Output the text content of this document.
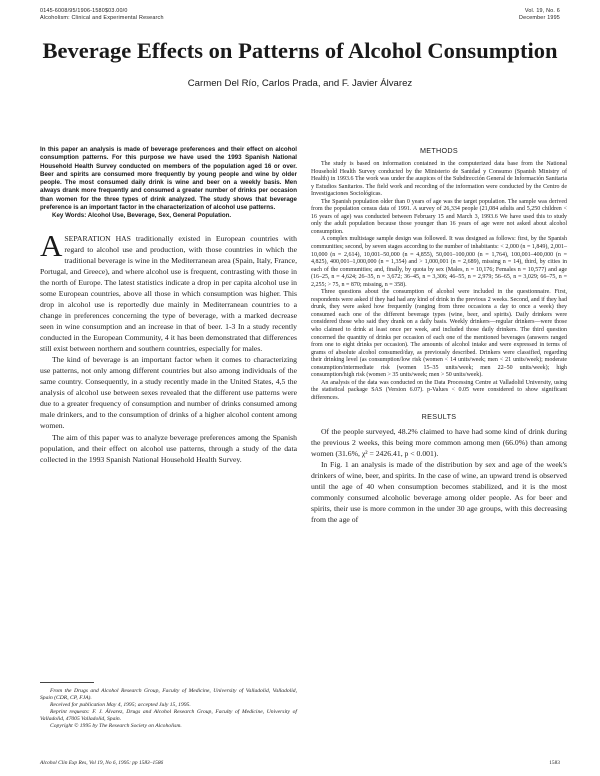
0145-6008/95/1906-1580$03.00/0
Alcoholism: Clinical and Experimental Research
Vol. 19, No. 6
December 1995
Beverage Effects on Patterns of Alcohol Consumption
Carmen Del Río, Carlos Prada, and F. Javier Álvarez

In this paper an analysis is made of beverage preferences and their effect on alcohol consumption patterns. For this purpose we have used the 1993 Spanish National Household Health Survey conducted on members of the population aged 16 or over. Beer and spirits are consumed more frequently by young people and wine by older people. The most consumed daily drink is wine and beer on a weekly basis. Men always drank more frequently and consumed a greater number of drinks per occasion than women for the three types of drink analyzed. The study shows that beverage preference is an important factor in the characterization of alcohol use patterns.

Key Words: Alcohol Use, Beverage, Sex, General Population.

ASEPARATION HAS traditionally existed in European countries with regard to alcohol use and production, with those countries in which the traditional beverage is wine in the Mediterranean area (Spain, Italy, France, Portugal, and Greece), and where alcohol use is frequent, contrasting with those in the north of Europe. The latest statistics indicate a drop in per capita alcohol use in some European countries, above all those in which consumption was higher. This drop in alcohol use is reportedly due mainly in Mediterranean countries to a change in preferences concerning the type of beverage, with a marked decrease seen in wine consumption and an increase in that of beer. 1-3 In a study recently conducted in the European Community, 4 it has been demonstrated that differences still exist between northern and southern countries, especially for males.

The kind of beverage is an important factor when it comes to characterizing use patterns, not only among different countries but also among individuals of the same country. Consequently, in a study recently made in the United States, 4,5 the analysis of alcohol use between sexes revealed that the different use patterns were due to a greater frequency of consumption and number of drinks consumed among male drinkers, and to the consumption of drinks of a higher alcohol content among women.

The aim of this paper was to analyze beverage preferences among the Spanish population, and their effect on alcohol use patterns, through a study of the data collected in the 1993 Spanish National Household Health Survey.

From the Drugs and Alcohol Research Group, Faculty of Medicine, University of Valladolid, Valladolid, Spain (CDR, CP, FJA).

Received for publication May 4, 1995; accepted July 15, 1995.

Reprint requests: F. J. Álvarez, Drugs and Alcohol Research Group, Faculty of Medicine, University of Valladolid, 47005 Valladolid, Spain.

Copyright © 1995 by The Research Society on Alcoholism.

METHODS

The study is based on information contained in the computerized data base from the National Household Health Survey conducted by the Ministerio de Sanidad y Consumo (Spanish Ministry of Health) in 1993.6 The work was under the auspices of the Subdirección General de Información Sanitaria y Estudios Sanitarios. The field work and recording of the information were conducted by the Centro de Investigaciones Sociológicas.

The Spanish population older than 0 years of age was the target population. The sample was derived from the population census data of 1991. A survey of 26,334 people (21,084 adults and 5,250 children < 16 years of age) was conducted between February 15 and March 3, 1993.6 We have used this to study only the adult population because those younger than 16 years of age were not asked about alcohol consumption.

A complex multistage sample design was followed. It was designed as follows: first, by the Spanish communities; second, by seven stages according to the number of inhabitants: < 2,000 (n = 1,849), 2,001–10,000 (n = 2,614), 10,001–50,000 (n = 4,855), 50,001–100,000 (n = 1,764), 100,001–400,000 (n = 4,825), 400,001–1,000,000 (n = 1,354) and > 1,000,001 (n = 2,689), missing n = 14), third, by cities in each of the communities; and, finally, by quota by sex (Males, n = 10,176; Females n = 10,577) and age (16–25, n = 4,624; 26–35, n = 3,672; 36–45, n = 3,306; 46–55, n = 2,979; 56–65, n = 3,029; 66–75, n = 2,255; > 75, n = 870; missing, n = 358).

Three questions about the consumption of alcohol were included in the questionnaire. First, respondents were asked if they had had any kind of drink in the previous 2 weeks. Second, and if they had drunk, they were asked how frequently (ranging from three occasions a day to once a week) they consumed each one of the different beverage types (wine, beer, and spirits). Daily drinkers were considered those who said they drank on a daily basis. Weekly drinkers—regular drinkers—were those who claimed to drink at least once per week, and included those daily drinkers. The third question concerned the quantity of drinks per occasion of each one of the mentioned beverages (answers ranged from one to eight drinks per occasion). The amounts of alcohol intake and were expressed in terms of grams of absolute alcohol consumed/day, as previously described. Drinkers were classified, regarding their drinking level (as consumption/low risk (women < 14 units/week; men < 21 units/week); moderate consumption/intermediate risk (women 15–35 units/week; men 22–50 units/week); high consumption/high risk (women > 35 units/week; men > 50 units/week).

An analysis of the data was conducted on the Data Processing Centre at Valladolid University, using the statistical package SAS (Version 6.07). p-Values < 0.05 were considered to show significant differences.

RESULTS

Of the people surveyed, 48.2% claimed to have had some kind of drink during the previous 2 weeks, this being more common among men (66.0%) than among women (31.6%, χ² = 2426.41, p < 0.001).

In Fig. 1 an analysis is made of the distribution by sex and age of the week's drinkers of wine, beer, and spirits. In the case of wine, an upward trend is observed until the age of 40 when consumption becomes stabilized, and it is the most commonly consumed alcoholic beverage among older people. As for beer and spirits, their use is more common in the under 30 age groups, with this decreasing from the age of

Alcohol Clin Exp Res, Vol 19, No 6, 1995: pp 1583–1586	1583
